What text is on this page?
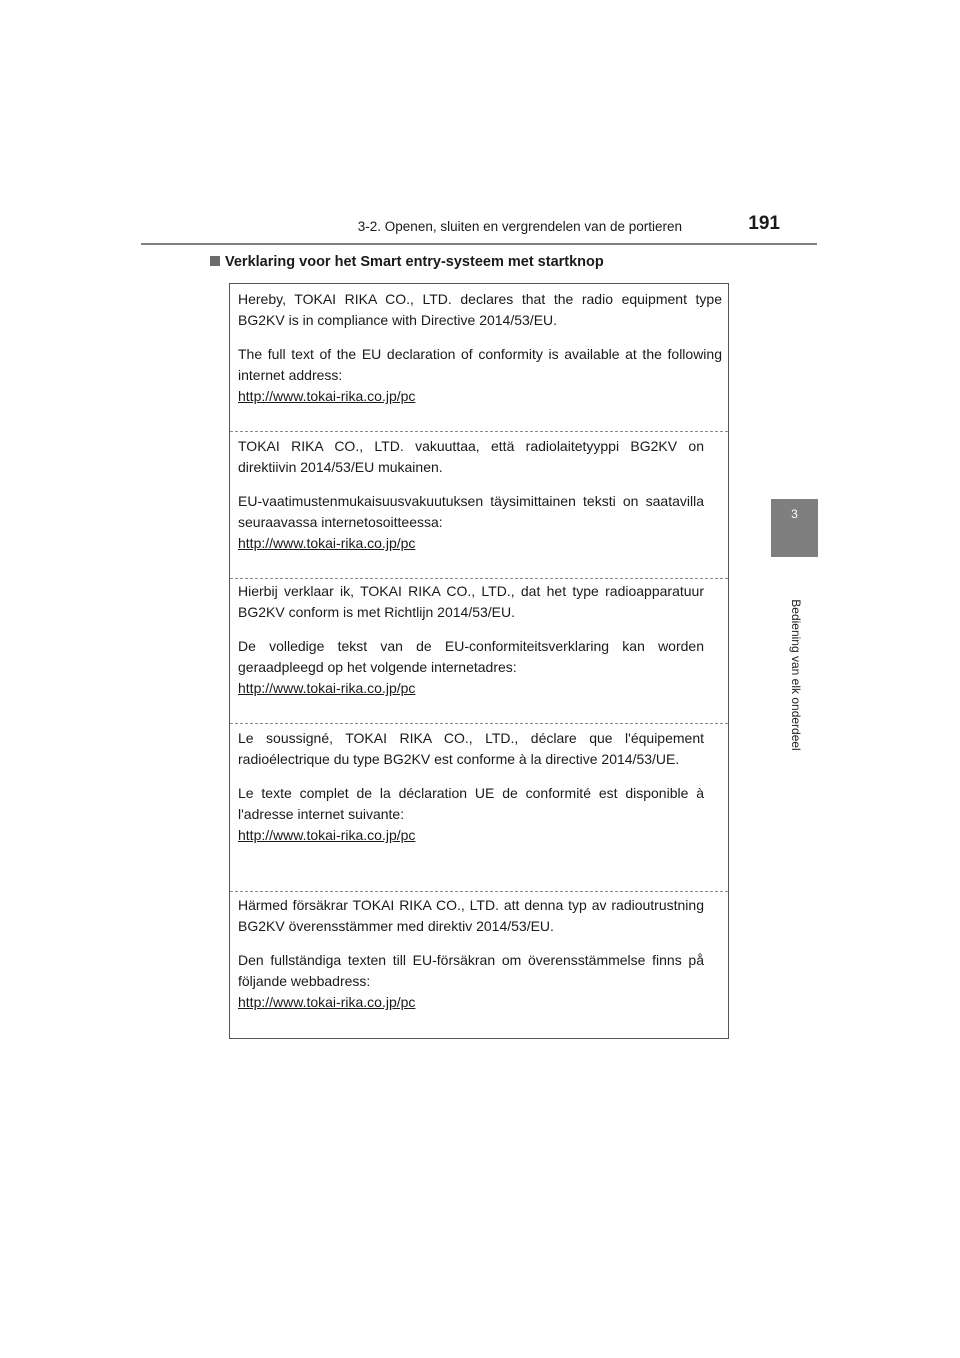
3-2. Openen, sluiten en vergrendelen van de portieren	191
3
Bediening van elk onderdeel
Verklaring voor het Smart entry-systeem met startknop

Hereby, TOKAI RIKA CO., LTD. declares that the radio equipment type BG2KV is in compliance with Directive 2014/53/EU.

The full text of the EU declaration of conformity is available at the following internet address:

http://www.tokai-rika.co.jp/pc

TOKAI RIKA CO., LTD. vakuuttaa, että radiolaitetyyppi BG2KV on direktiivin 2014/53/EU mukainen.

EU-vaatimustenmukaisuusvakuutuksen täysimittainen teksti on saatavilla seuraavassa internetosoitteessa:

http://www.tokai-rika.co.jp/pc

Hierbij verklaar ik, TOKAI RIKA CO., LTD., dat het type radioapparatuur BG2KV conform is met Richtlijn 2014/53/EU.

De volledige tekst van de EU-conformiteitsverklaring kan worden geraadpleegd op het volgende internetadres:

http://www.tokai-rika.co.jp/pc

Le soussigné, TOKAI RIKA CO., LTD., déclare que l'équipement radioélectrique du type BG2KV est conforme à la directive 2014/53/UE.

Le texte complet de la déclaration UE de conformité est disponible à l'adresse internet suivante:

http://www.tokai-rika.co.jp/pc

Härmed försäkrar TOKAI RIKA CO., LTD. att denna typ av radioutrustning BG2KV överensstämmer med direktiv 2014/53/EU.

Den fullständiga texten till EU-försäkran om överensstämmelse finns på följande webbadress:

http://www.tokai-rika.co.jp/pc
